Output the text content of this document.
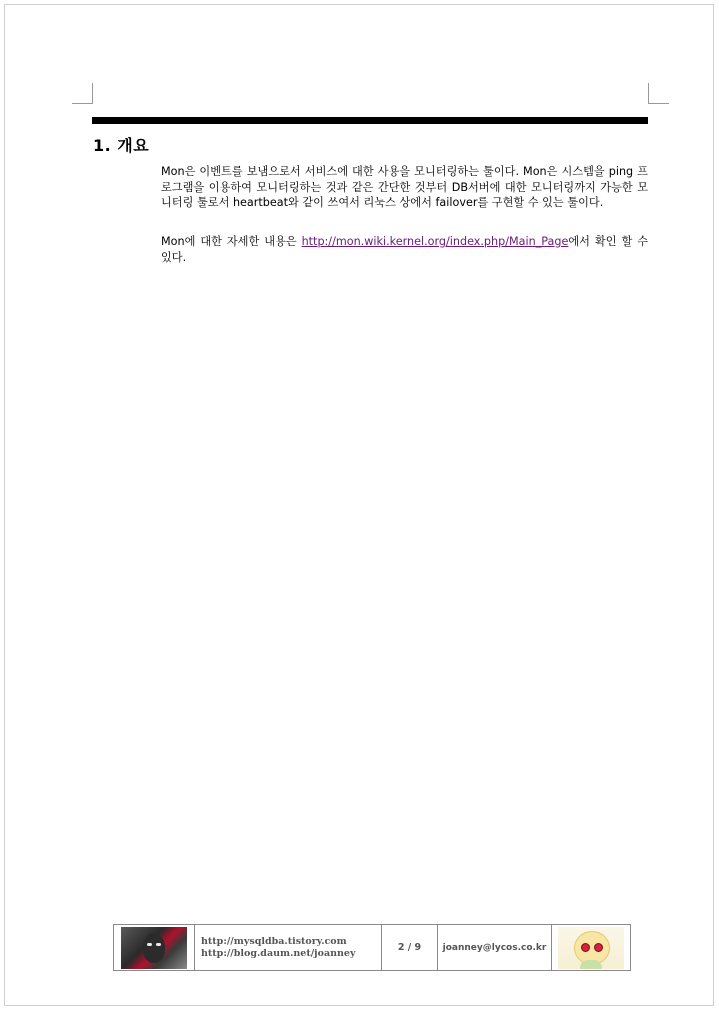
1. 개요
Mon은 이벤트를 보냄으로서 서비스에 대한 사용을 모니터링하는 툴이다. Mon은 시스템을 ping 프로그램을 이용하여 모니터링하는 것과 같은 간단한 것부터 DB서버에 대한 모니터링까지 가능한 모니터링 툴로서 heartbeat와 같이 쓰여서 리눅스 상에서 failover를 구현할 수 있는 툴이다.
Mon에 대한 자세한 내용은 http://mon.wiki.kernel.org/index.php/Main_Page에서 확인 할 수 있다.
http://mysqldba.tistory.com
http://blog.daum.net/joanney	2 / 9	joanney@lycos.co.kr
